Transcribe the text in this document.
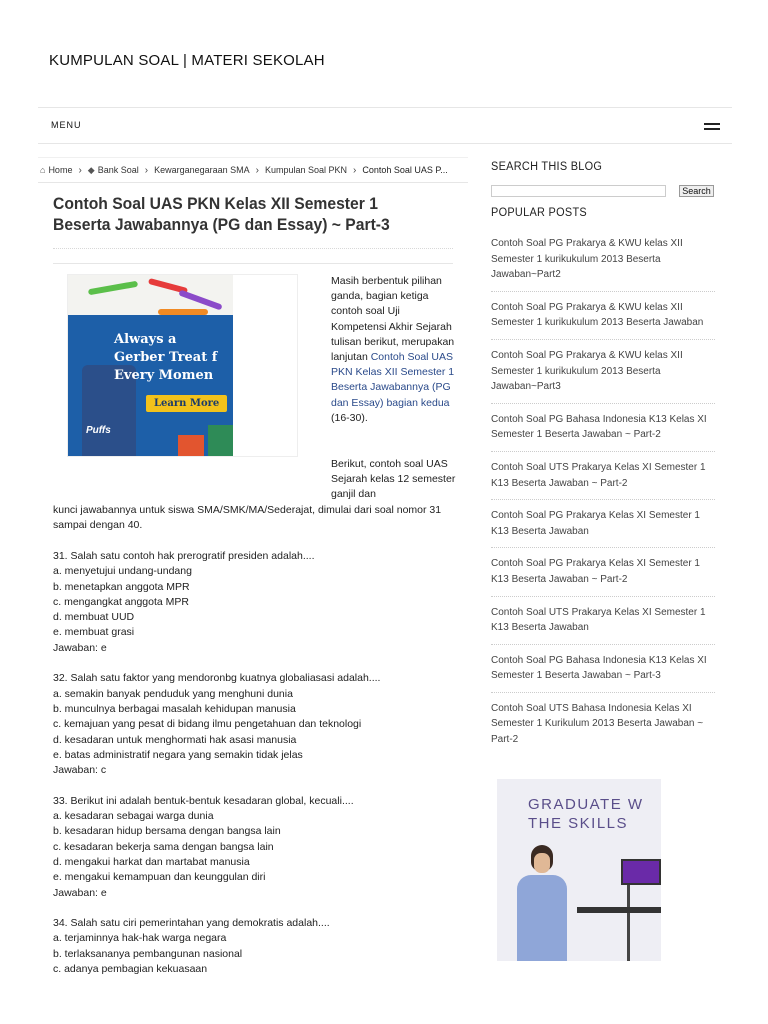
KUMPULAN SOAL | MATERI SEKOLAH
MENU
⌂ Home › ◆ Bank Soal › Kewarganegaraan SMA › Kumpulan Soal PKN › Contoh Soal UAS P...
Contoh Soal UAS PKN Kelas XII Semester 1 Beserta Jawabannya (PG dan Essay) ~ Part-3
Puffs
Always a
Gerber Treat f
Every Momen
Learn More
Masih berbentuk pilihan ganda, bagian ketiga contoh soal Uji Kompetensi Akhir Sejarah tulisan berikut, merupakan lanjutan Contoh Soal UAS PKN Kelas XII Semester 1 Beserta Jawabannya (PG dan Essay) bagian kedua (16-30).
Berikut, contoh soal UAS Sejarah kelas 12 semester ganjil dan
kunci jawabannya untuk siswa SMA/SMK/MA/Sederajat, dimulai dari soal nomor 31 sampai dengan 40.
31. Salah satu contoh hak prerogratif presiden adalah....
a. menyetujui undang-undang
b. menetapkan anggota MPR
c. mengangkat anggota MPR
d. membuat UUD
e. membuat grasi
Jawaban: e
32. Salah satu faktor yang mendoronbg kuatnya globaliasasi adalah....
a. semakin banyak penduduk yang menghuni dunia
b. munculnya berbagai masalah kehidupan manusia
c. kemajuan yang pesat di bidang ilmu pengetahuan dan teknologi
d. kesadaran untuk menghormati hak asasi manusia
e. batas administratif negara yang semakin tidak jelas
Jawaban: c
33. Berikut ini adalah bentuk-bentuk kesadaran global, kecuali....
a. kesadaran sebagai warga dunia
b. kesadaran hidup bersama dengan bangsa lain
c. kesadaran bekerja sama dengan bangsa lain
d. mengakui harkat dan martabat manusia
e. mengakui kemampuan dan keunggulan diri
Jawaban: e
34. Salah satu ciri pemerintahan yang demokratis adalah....
a. terjaminnya hak-hak warga negara
b. terlaksananya pembangunan nasional
c. adanya pembagian kekuasaan
SEARCH THIS BLOG
Search
POPULAR POSTS
Contoh Soal PG Prakarya & KWU kelas XII Semester 1 kurikukulum 2013 Beserta Jawaban~Part2
Contoh Soal PG Prakarya & KWU kelas XII Semester 1 kurikukulum 2013 Beserta Jawaban
Contoh Soal PG Prakarya & KWU kelas XII Semester 1 kurikukulum 2013 Beserta Jawaban~Part3
Contoh Soal PG Bahasa Indonesia K13 Kelas XI Semester 1 Beserta Jawaban ~ Part-2
Contoh Soal UTS Prakarya Kelas XI Semester 1 K13 Beserta Jawaban ~ Part-2
Contoh Soal PG Prakarya Kelas XI Semester 1 K13 Beserta Jawaban
Contoh Soal PG Prakarya Kelas XI Semester 1 K13 Beserta Jawaban ~ Part-2
Contoh Soal UTS Prakarya Kelas XI Semester 1 K13 Beserta Jawaban
Contoh Soal PG Bahasa Indonesia K13 Kelas XI Semester 1 Beserta Jawaban ~ Part-3
Contoh Soal UTS Bahasa Indonesia Kelas XI Semester 1 Kurikulum 2013 Beserta Jawaban ~ Part-2
GRADUATE W
THE SKILLS
